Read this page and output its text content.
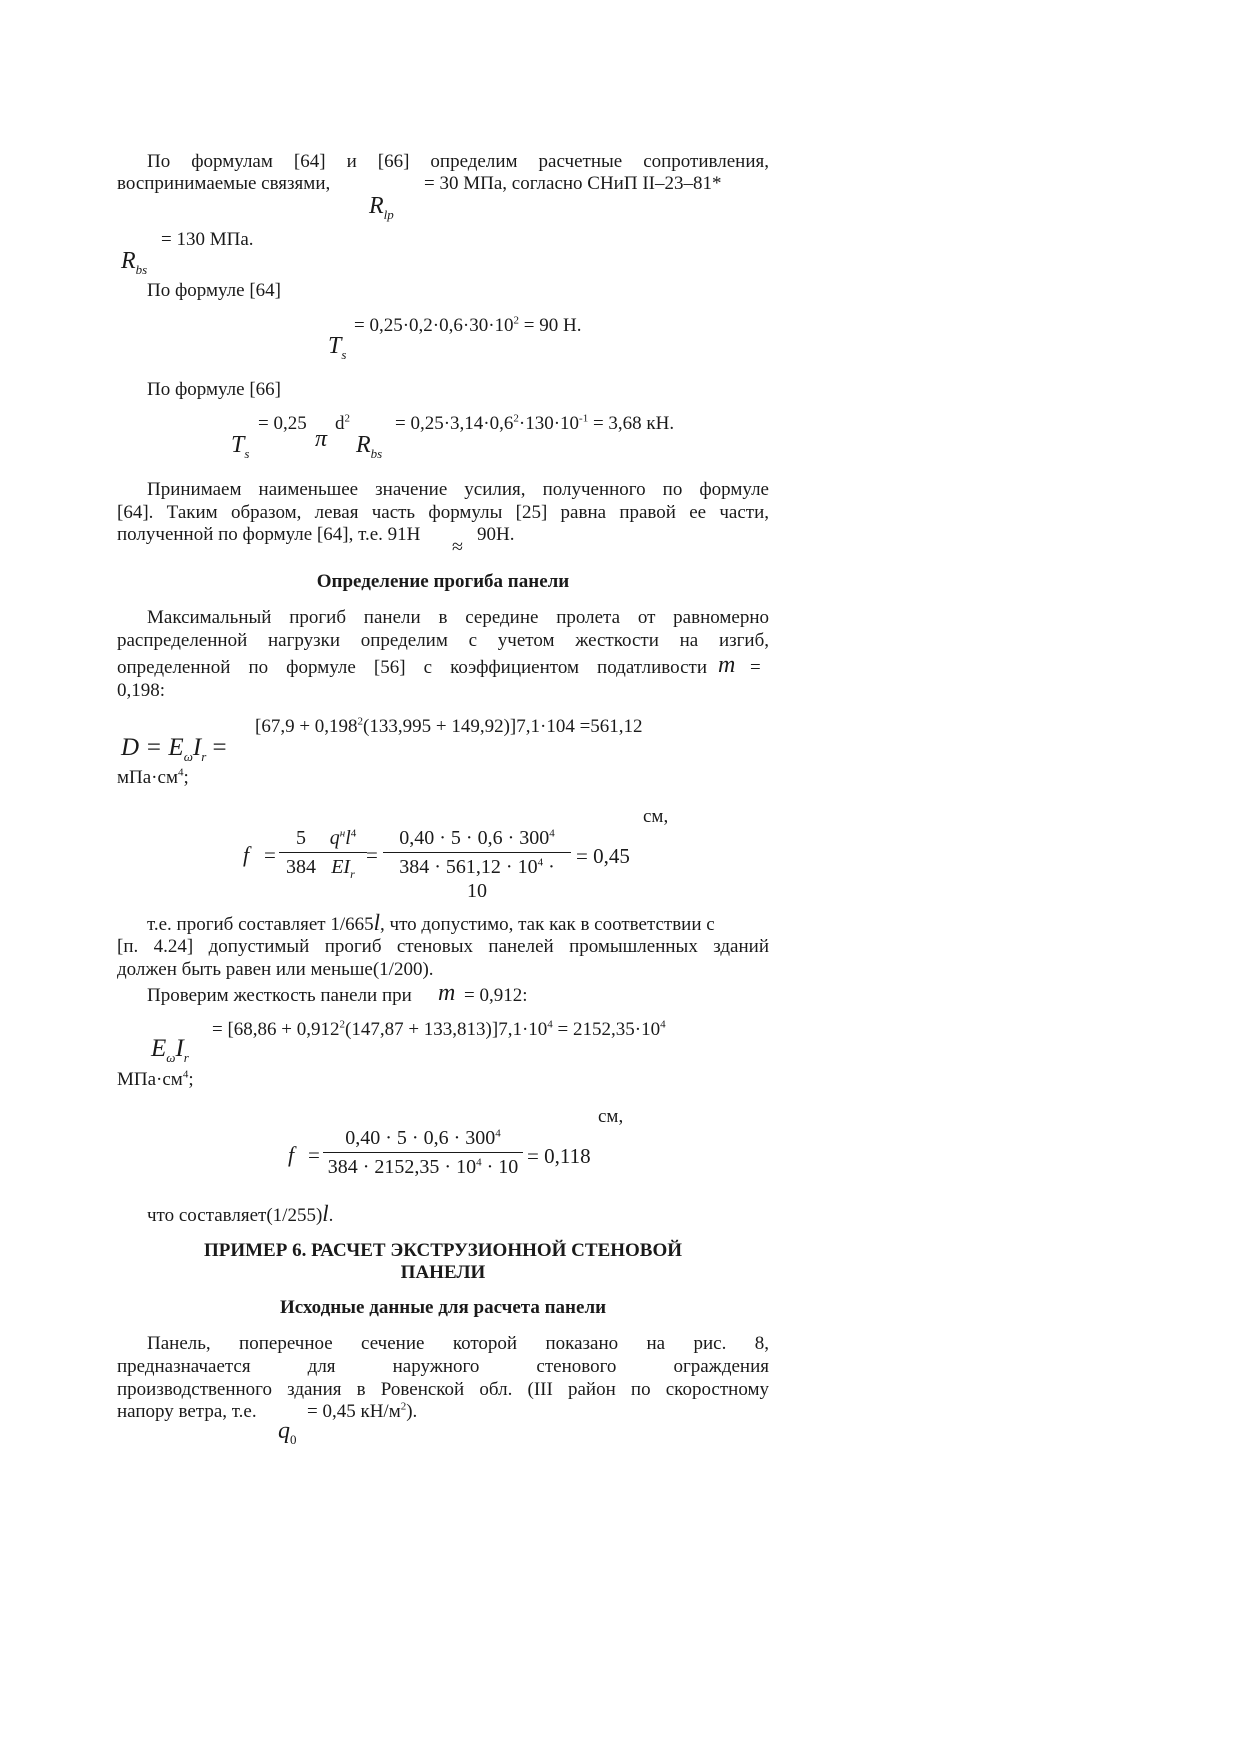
По формулам [64] и [66] определим расчетные сопротивления,
воспринимаемые связями,	= 30 МПа, согласно СНиП II–23–81*
$R_{lp}$
= 130 МПа.
$R_{bs}$
По формуле [64]
= $0,25\cdot 0,2\cdot 0,6\cdot 30\cdot 10^2 = 90$ Н.
$T_s$
По формуле [66]
= 0,25 $d^2 = 0,25\cdot 3,14\cdot 0,6^2\cdot 130\cdot 10^{-1} = 3,68$ кН.
$T_s$
π $R_{bs}$
Принимаем наименьшее значение усилия, полученного по формуле
[64]. Таким образом, левая часть формулы [25] равна правой ее части,
полученной по формуле [64], т.е. 91Н	90Н.
≈
Определение прогиба панели
Максимальный прогиб панели в середине пролета от равномерно
распределенной нагрузки определим с учетом жесткости на изгиб,
определенной по формуле [56] с коэффициентом податливости m =
0,198:
$[67,9 + 0,198^2(133,995 + 149,92)]7,1\cdot 104 =561,12$
$D = E_\omega I_r$ =
$мПа\cdot см^4$;
см,
$f = \frac{5}{384} q^нl^4$
$EI_r$
= $\frac{0,40 \cdot 5 \cdot 0,6 \cdot 300^4}{384 \cdot 561,12 \cdot 10^4 \cdot 10} = 0,45$
т.е. прогиб составляет 1/665l, что допустимо, так как в соответствии с
[п. 4.24] допустимый прогиб стеновых панелей промышленных зданий
должен быть равен или меньше(1/200).
Проверим жесткость панели при m = 0,912:
= $[68,86 + 0,912^2(147,87 + 133,813)]7,1\cdot 10^4 = 2152,35\cdot 10^4$
$E_\omega I_r$
$МПа\cdot см^4$;
см,
$f = \frac{0,40 \cdot 5 \cdot 0,6 \cdot 300^4}{384 \cdot 2152,35 \cdot 10^4 \cdot 10} = 0,118$
что составляет(1/255)l.
ПРИМЕР 6. РАСЧЕТ ЭКСТРУЗИОННОЙ СТЕНОВОЙ
ПАНЕЛИ
Исходные данные для расчета панели
Панель, поперечное сечение которой показано на рис. 8,
предназначается для наружного стенового ограждения
производственного здания в Ровенской обл. (III район по скоростному
напору ветра, т.е.	= 0,45 $кН/м^2$).
$q_0$
